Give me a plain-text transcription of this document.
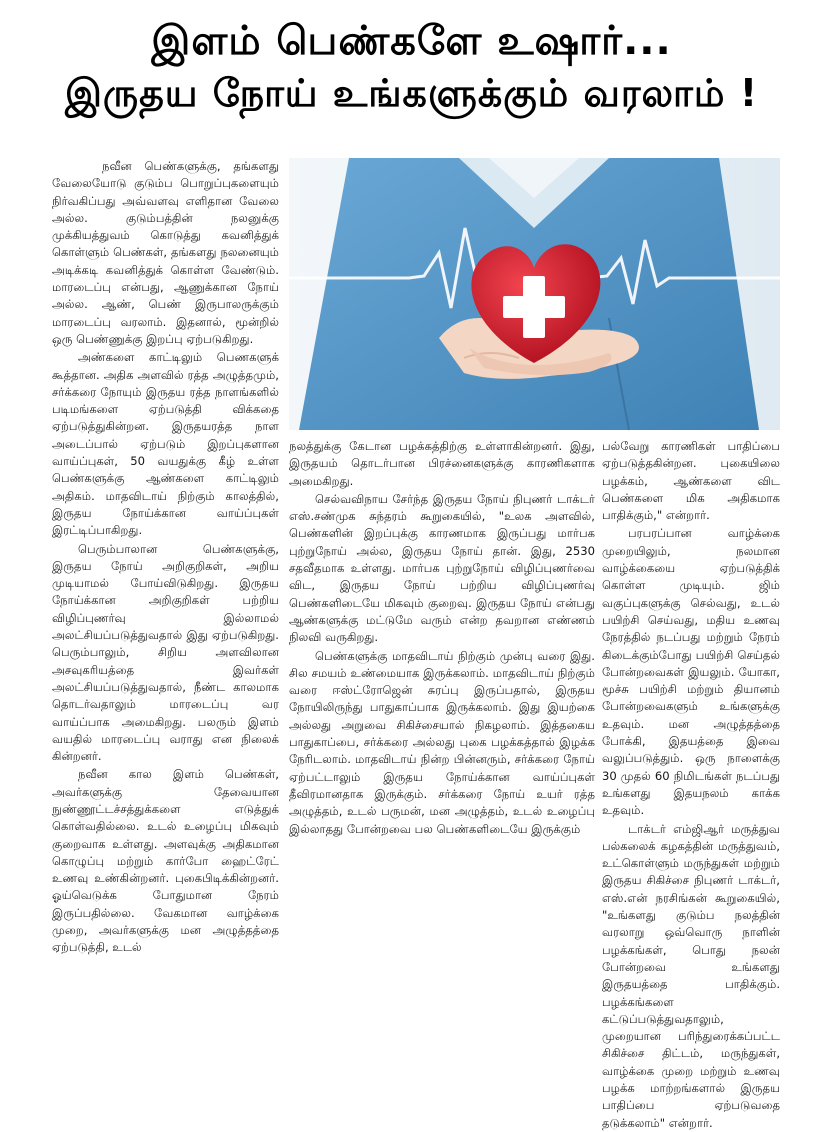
இளம் பெண்களே உஷார்...
இருதய நோய் உங்களுக்கும் வரலாம் !

நவீன பெண்களுக்கு, தங்களது வேலையோடு குடும்ப பொறுப்புகளையும் நிர்வகிப்பது அவ்வளவு எளிதான வேலை அல்ல. குடும்பத்தின் நலனுக்கு முக்கியத்துவம் கொடுத்து கவனித்துக் கொள்ளும் பெண்கள், தங்களது நலனையும் அடிக்கடி கவனித்துக் கொள்ள வேண்டும். மாரடைப்பு என்பது, ஆணுக்கான நோய் அல்ல. ஆண், பெண் இருபாலருக்கும் மாரடைப்பு வரலாம். இதனால், மூன்றில் ஒரு பெண்ணுக்கு இறப்பு ஏற்படுகிறது.

அண்களை காட்டிலும் பெணகளுக் கூத்தான. அதிக அளவில் ரத்த அழுத்தமும், சர்க்கரை நோயும் இருதய ரத்த நாளங்களில் படிமங்களை ஏற்படுத்தி விக்கதை ஏற்படுத்துகின்றன. இருதயரத்த நாள அடைப்பால் ஏற்படும் இறப்புகளான வாய்ப்புகள், 50 வயதுக்கு கீழ் உள்ள பெண்களுக்கு ஆண்களை காட்டிலும் அதிகம். மாதவிடாய் நிற்கும் காலத்தில், இருதய நோய்க்கான வாய்ப்புகள் இரட்டிப்பாகிறது.

பெரும்பாலான பெண்களுக்கு, இருதய நோய் அறிகுறிகள், அறிய முடியாமல் போய்விடுகிறது. இருதய நோய்க்கான அறிகுறிகள் பற்றிய விழிப்புணர்வு இல்லாமல் அலட்சியப்படுத்துவதால் இது ஏற்படுகிறது. பெரும்பாலும், சிறிய அளவிலான அசவுகரியத்தை இவர்கள் அலட்சியப்படுத்துவதால், நீண்ட காலமாக தொடர்வதாலும் மாரடைப்பு வர வாய்ப்பாக அமைகிறது. பலரும் இளம் வயதில் மாரடைப்பு வராது என நிலைக் கின்றனர்.

நவீன கால இளம் பெண்கள், அவர்களுக்கு தேவையான நுண்ணூட்டச்சத்துக்களை எடுத்துக் கொள்வதில்லை. உடல் உழைப்பு மிகவும் குறைவாக உள்ளது. அளவுக்கு அதிகமான கொழுப்பு மற்றும் கார்போ ஹைட்ரேட் உணவு உண்கின்றனர். புகைபிடிக்கின்றனர். ஓய்வெடுக்க போதுமான நேரம் இருப்பதில்லை. வேகமான வாழ்க்கை முறை, அவர்களுக்கு மன அழுத்தத்தை ஏற்படுத்தி, உடல்

நலத்துக்கு கேடான பழக்கத்திற்கு உள்ளாகின்றனர். இது, இருதயம் தொடர்பான பிரச்னைகளுக்கு காரணிகளாக அமைகிறது.

செல்வவிநாய சேர்ந்த இருதய நோய் நிபுணர் டாக்டர் எஸ்.சண்முக சுந்தரம் கூறுகையில், "உலக அளவில், பெண்களின் இறப்புக்கு காரணமாக இருப்பது மார்பக புற்றுநோய் அல்ல, இருதய நோய் தான். இது, 2530 சதவீதமாக உள்ளது. மார்பக புற்றுநோய் விழிப்புணர்வை விட, இருதய நோய் பற்றிய விழிப்புணர்வு பெண்களிடையே மிகவும் குறைவு. இருதய நோய் என்பது ஆண்களுக்கு மட்டுமே வரும் என்ற தவறான எண்ணம் நிலவி வருகிறது.

பெண்களுக்கு மாதவிடாய் நிற்கும் முன்பு வரை இது. சில சமயம் உண்மையாக இருக்கலாம். மாதவிடாய் நிற்கும் வரை ஈஸ்ட்ரோஜென் சுரப்பு இருப்பதால், இருதய நோயிலிருந்து பாதுகாப்பாக இருக்கலாம். இது இயற்கை அல்லது அறுவை சிகிச்சையால் நிகழலாம். இத்தகைய பாதுகாப்பை, சர்க்கரை அல்லது புகை பழக்கத்தால் இழக்க நேரிடலாம். மாதவிடாய் நின்ற பின்னரும், சர்க்கரை நோய் ஏற்பட்டாலும் இருதய நோய்க்கான வாய்ப்புகள் தீவிரமானதாக இருக்கும். சர்க்கரை நோய் உயர் ரத்த அழுத்தம், உடல் பருமன், மன அழுத்தம், உடல் உழைப்பு இல்லாதது போன்றவை பல பெண்களிடையே இருக்கும்

பல்வேறு காரணிகள் பாதிப்பை ஏற்படுத்தகின்றன. புகையிலை பழக்கம், ஆண்களை விட பெண்களை மிக அதிகமாக பாதிக்கும்," என்றார்.

பரபரப்பான வாழ்க்கை முறையிலும், நலமான வாழ்க்கையை ஏற்படுத்திக் கொள்ள முடியும். ஜிம் வகுப்புகளுக்கு செல்வது, உடல் பயிற்சி செய்வது, மதிய உணவு நேரத்தில் நடப்பது மற்றும் நேரம் கிடைக்கும்போது பயிற்சி செய்தல் போன்றவைகள் இயலும். யோகா, மூச்சு பயிற்சி மற்றும் தியானம் போன்றவைகளும் உங்களுக்கு உதவும். மன அழுத்தத்தை போக்கி, இதயத்தை இவை வலுப்படுத்தும். ஒரு நாளைக்கு 30 முதல் 60 நிமிடங்கள் நடப்பது உங்களது இதயநலம் காக்க உதவும்.

டாக்டர் எம்ஜிஆர் மருத்துவ பல்கலைக் கழகத்தின் மருத்துவம், உட்கொள்ளும் மருந்துகள் மற்றும் இருதய சிகிச்சை நிபுணர் டாக்டர், எஸ்.என் நரசிங்கன் கூறுகையில், "உங்களது குடும்ப நலத்தின் வரலாறு ஒவ்வொரு நாளின் பழக்கங்கள், பொது நலன் போன்றவை உங்களது இருதயத்தை பாதிக்கும். பழக்கங்களை கட்டுப்படுத்துவதாலும், முறையான பரிந்துரைக்கப்பட்ட சிகிச்சை திட்டம், மருந்துகள், வாழ்க்கை முறை மற்றும் உணவு பழக்க மாற்றங்களால் இருதய பாதிப்பை ஏற்படுவதை தடுக்கலாம்" என்றார்.
